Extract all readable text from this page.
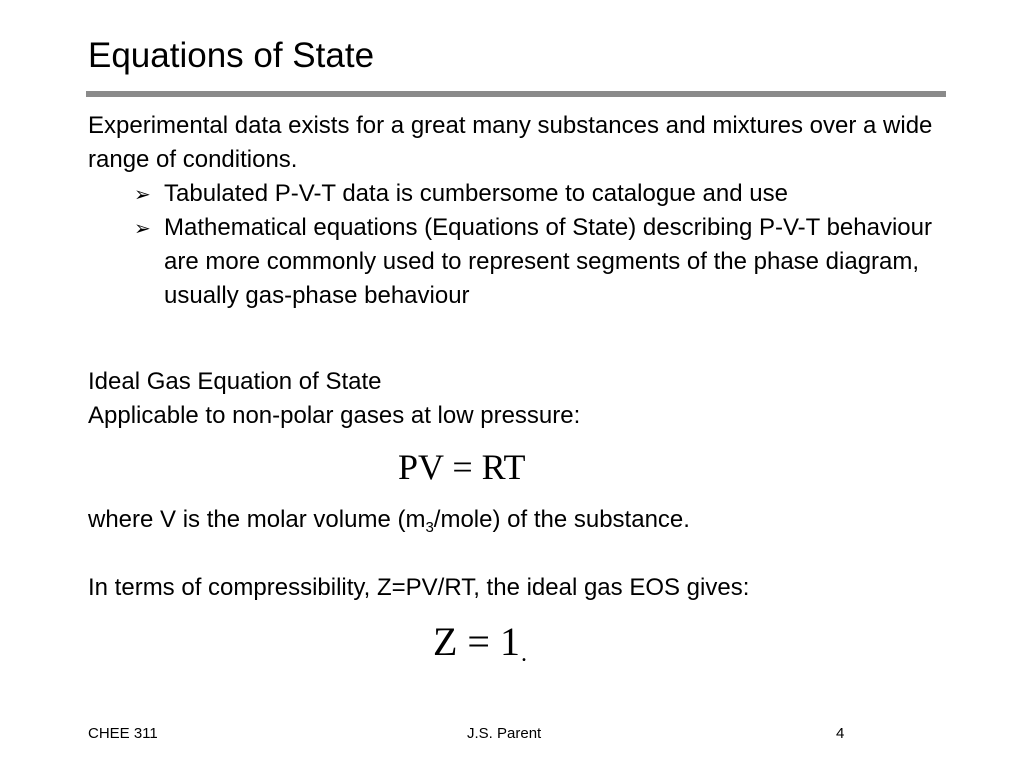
Equations of State
Experimental data exists for a great many substances and mixtures over a wide range of conditions.
➢ Tabulated P-V-T data is cumbersome to catalogue and use
➢ Mathematical equations (Equations of State) describing P-V-T behaviour are more commonly used to represent segments of the phase diagram, usually gas-phase behaviour
Ideal Gas Equation of State
Applicable to non-polar gases at low pressure:
PV = RT
where V is the molar volume $(m_3/mole)$ of the substance.
In terms of compressibility, Z=PV/RT, the ideal gas EOS gives:
Z = 1.
CHEE 311	J.S. Parent	4
